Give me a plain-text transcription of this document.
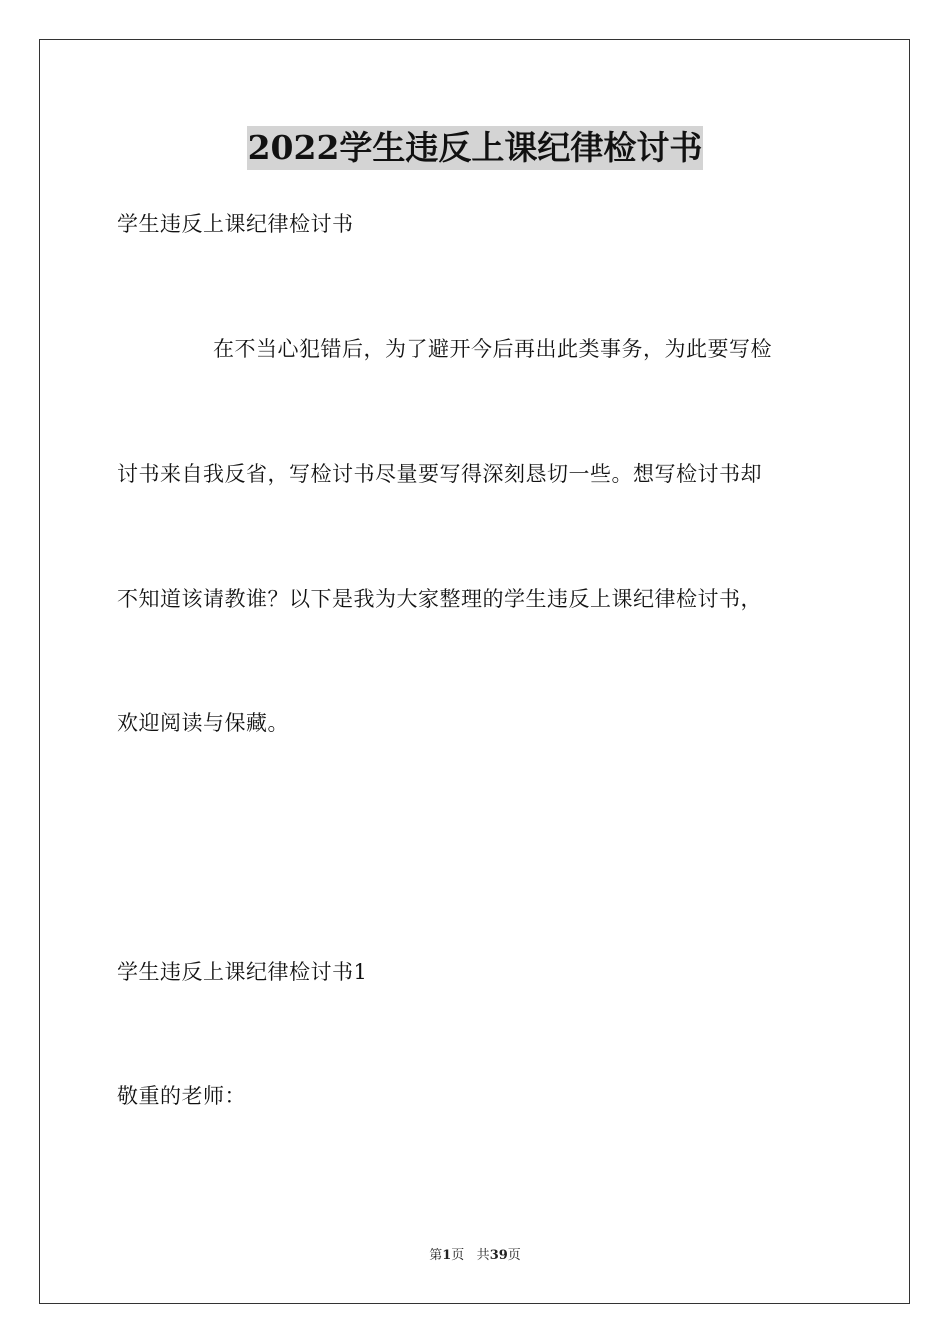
2022学生违反上课纪律检讨书

学生违反上课纪律检讨书

在不当心犯错后，为了避开今后再出此类事务，为此要写检

讨书来自我反省，写检讨书尽量要写得深刻恳切一些。想写检讨书却

不知道该请教谁？以下是我为大家整理的学生违反上课纪律检讨书，

欢迎阅读与保藏。

学生违反上课纪律检讨书1

敬重的老师：

第1页 共39页
